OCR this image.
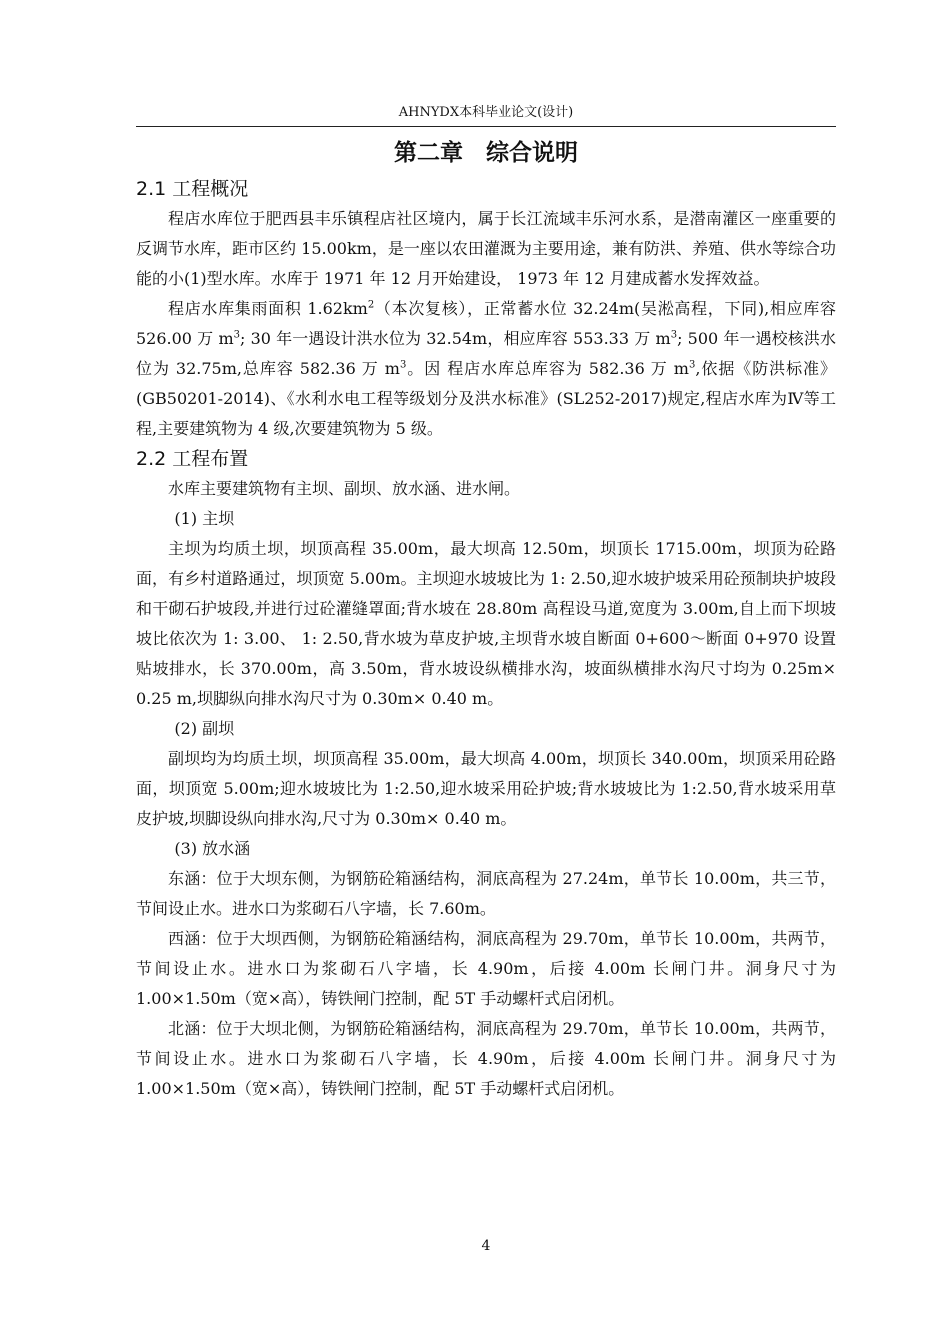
AHNYDX本科毕业论文(设计)
第二章　综合说明
2.1 工程概况

程店水库位于肥西县丰乐镇程店社区境内，属于长江流域丰乐河水系，是潜南灌区一座重要的反调节水库，距市区约 15.00km，是一座以农田灌溉为主要用途，兼有防洪、养殖、供水等综合功能的小(1)型水库。水库于 1971 年 12 月开始建设， 1973 年 12 月建成蓄水发挥效益。

程店水库集雨面积 $1.62km^2$（本次复核），正常蓄水位 32.24m(吴淞高程，下同),相应库容 526.00 万 $m^3$; 30 年一遇设计洪水位为 32.54m，相应库容 553.33 万 $m^3$; 500 年一遇校核洪水位为 32.75m,总库容 582.36 万 $m^3$。因 程店水库总库容为 582.36 万 $m^3$,依据《防洪标准》(GB50201-2014)、《水利水电工程等级划分及洪水标准》(SL252-2017)规定,程店水库为Ⅳ等工程,主要建筑物为 4 级,次要建筑物为 5 级。

2.2 工程布置

水库主要建筑物有主坝、副坝、放水涵、进水闸。

(1) 主坝

主坝为均质土坝，坝顶高程 35.00m，最大坝高 12.50m，坝顶长 1715.00m，坝顶为砼路面，有乡村道路通过，坝顶宽 5.00m。主坝迎水坡坡比为 1: 2.50,迎水坡护坡采用砼预制块护坡段和干砌石护坡段,并进行过砼灌缝罩面;背水坡在 28.80m 高程设马道,宽度为 3.00m,自上而下坝坡坡比依次为 1: 3.00、 1: 2.50,背水坡为草皮护坡,主坝背水坡自断面 0+600～断面 0+970 设置贴坡排水，长 370.00m，高 3.50m，背水坡设纵横排水沟，坡面纵横排水沟尺寸均为 0.25m× 0.25 m,坝脚纵向排水沟尺寸为 0.30m× 0.40 m。

(2) 副坝

副坝均为均质土坝，坝顶高程 35.00m，最大坝高 4.00m，坝顶长 340.00m，坝顶采用砼路面，坝顶宽 5.00m;迎水坡坡比为 1:2.50,迎水坡采用砼护坡;背水坡坡比为 1:2.50,背水坡采用草皮护坡,坝脚设纵向排水沟,尺寸为 0.30m× 0.40 m。

(3) 放水涵

东涵：位于大坝东侧，为钢筋砼箱涵结构，洞底高程为 27.24m，单节长 10.00m，共三节，节间设止水。进水口为浆砌石八字墙，长 7.60m。

西涵：位于大坝西侧，为钢筋砼箱涵结构，洞底高程为 29.70m，单节长 10.00m，共两节，节间设止水。进水口为浆砌石八字墙，长 4.90m，后接 4.00m 长闸门井。洞身尺寸为 1.00×1.50m（宽×高），铸铁闸门控制，配 5T 手动螺杆式启闭机。

北涵：位于大坝北侧，为钢筋砼箱涵结构，洞底高程为 29.70m，单节长 10.00m，共两节，节间设止水。进水口为浆砌石八字墙，长 4.90m，后接 4.00m 长闸门井。洞身尺寸为 1.00×1.50m（宽×高），铸铁闸门控制，配 5T 手动螺杆式启闭机。

4
